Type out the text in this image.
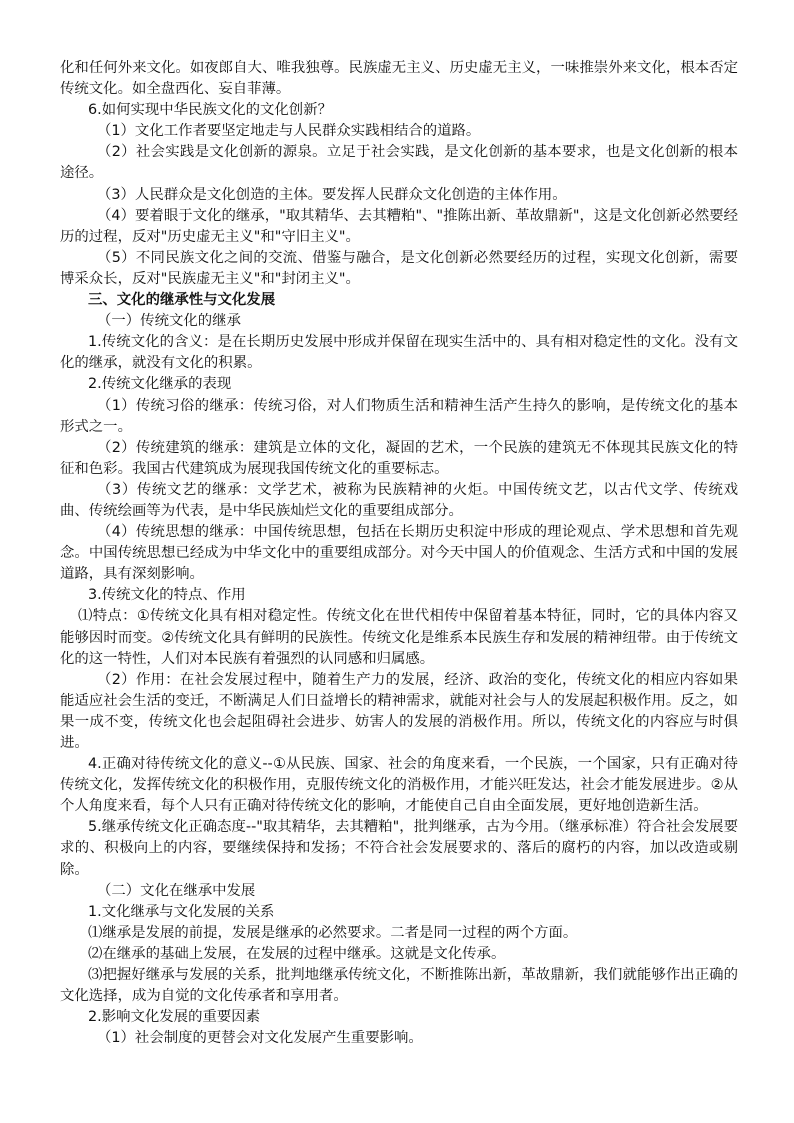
化和任何外来文化。如夜郎自大、唯我独尊。民族虚无主义、历史虚无主义，一味推崇外来文化，根本否定传统文化。如全盘西化、妄自菲薄。

6.如何实现中华民族文化的文化创新？

（1）文化工作者要坚定地走与人民群众实践相结合的道路。

（2）社会实践是文化创新的源泉。立足于社会实践，是文化创新的基本要求，也是文化创新的根本途径。

（3）人民群众是文化创造的主体。要发挥人民群众文化创造的主体作用。

（4）要着眼于文化的继承，"取其精华、去其糟粕"、"推陈出新、革故鼎新"，这是文化创新必然要经历的过程，反对"历史虚无主义"和"守旧主义"。

（5）不同民族文化之间的交流、借鉴与融合，是文化创新必然要经历的过程，实现文化创新，需要博采众长，反对"民族虚无主义"和"封闭主义"。

三、文化的继承性与文化发展

（一）传统文化的继承

1.传统文化的含义：是在长期历史发展中形成并保留在现实生活中的、具有相对稳定性的文化。没有文化的继承，就没有文化的积累。

2.传统文化继承的表现

（1）传统习俗的继承：传统习俗，对人们物质生活和精神生活产生持久的影响，是传统文化的基本形式之一。

（2）传统建筑的继承：建筑是立体的文化，凝固的艺术，一个民族的建筑无不体现其民族文化的特征和色彩。我国古代建筑成为展现我国传统文化的重要标志。

（3）传统文艺的继承：文学艺术，被称为民族精神的火炬。中国传统文艺，以古代文学、传统戏曲、传统绘画等为代表，是中华民族灿烂文化的重要组成部分。

（4）传统思想的继承：中国传统思想，包括在长期历史积淀中形成的理论观点、学术思想和首先观念。中国传统思想已经成为中华文化中的重要组成部分。对今天中国人的价值观念、生活方式和中国的发展道路，具有深刻影响。

3.传统文化的特点、作用

⑴特点：①传统文化具有相对稳定性。传统文化在世代相传中保留着基本特征，同时，它的具体内容又能够因时而变。②传统文化具有鲜明的民族性。传统文化是维系本民族生存和发展的精神纽带。由于传统文化的这一特性，人们对本民族有着强烈的认同感和归属感。

（2）作用：在社会发展过程中，随着生产力的发展，经济、政治的变化，传统文化的相应内容如果能适应社会生活的变迁，不断满足人们日益增长的精神需求，就能对社会与人的发展起积极作用。反之，如果一成不变，传统文化也会起阻碍社会进步、妨害人的发展的消极作用。所以，传统文化的内容应与时俱进。

4.正确对待传统文化的意义--①从民族、国家、社会的角度来看，一个民族，一个国家，只有正确对待传统文化，发挥传统文化的积极作用，克服传统文化的消极作用，才能兴旺发达，社会才能发展进步。②从个人角度来看，每个人只有正确对待传统文化的影响，才能使自己自由全面发展，更好地创造新生活。

5.继承传统文化正确态度--"取其精华，去其糟粕"，批判继承，古为今用。（继承标准）符合社会发展要求的、积极向上的内容，要继续保持和发扬；不符合社会发展要求的、落后的腐朽的内容，加以改造或剔除。

（二）文化在继承中发展

1.文化继承与文化发展的关系

⑴继承是发展的前提，发展是继承的必然要求。二者是同一过程的两个方面。

⑵在继承的基础上发展，在发展的过程中继承。这就是文化传承。

⑶把握好继承与发展的关系，批判地继承传统文化，不断推陈出新，革故鼎新，我们就能够作出正确的文化选择，成为自觉的文化传承者和享用者。

2.影响文化发展的重要因素

（1）社会制度的更替会对文化发展产生重要影响。
